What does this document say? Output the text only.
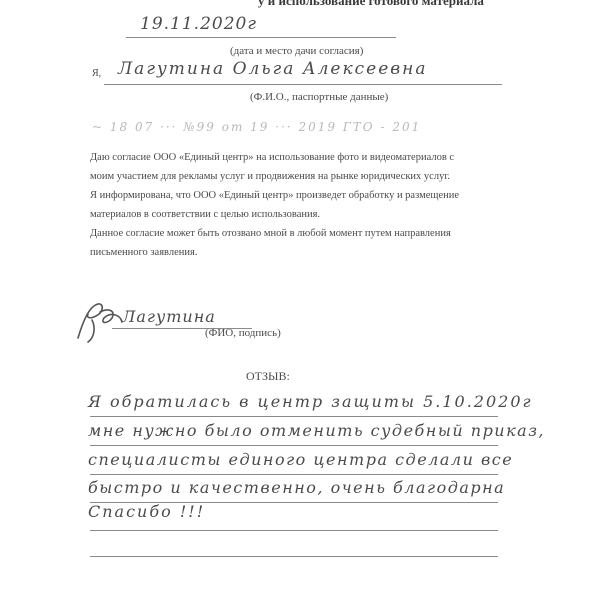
у и использование готового материала
19.11.2020г
(дата и место дачи согласия)
Я, Лагутина Ольга Алексеевна
(Ф.И.О., паспортные данные)
~ 18 07 ··· №99 от 19 ··· 2019 ГТО - 201
Даю согласие ООО «Единый центр» на использование фото и видеоматериалов с
моим участием для рекламы услуг и продвижения на рынке юридических услуг.
Я информирована, что ООО «Единый центр» произведет обработку и размещение
материалов в соответствии с целью использования.
Данное согласие может быть отозвано мной в любой момент путем направления
письменного заявления.
Лагутина
(ФИО, подпись)
ОТЗЫВ:
Я обратилась в центр защиты 5.10.2020г
мне нужно было отменить судебный приказ,
специалисты единого центра сделали все
быстро и качественно, очень благодарна
Спасибо !!!
